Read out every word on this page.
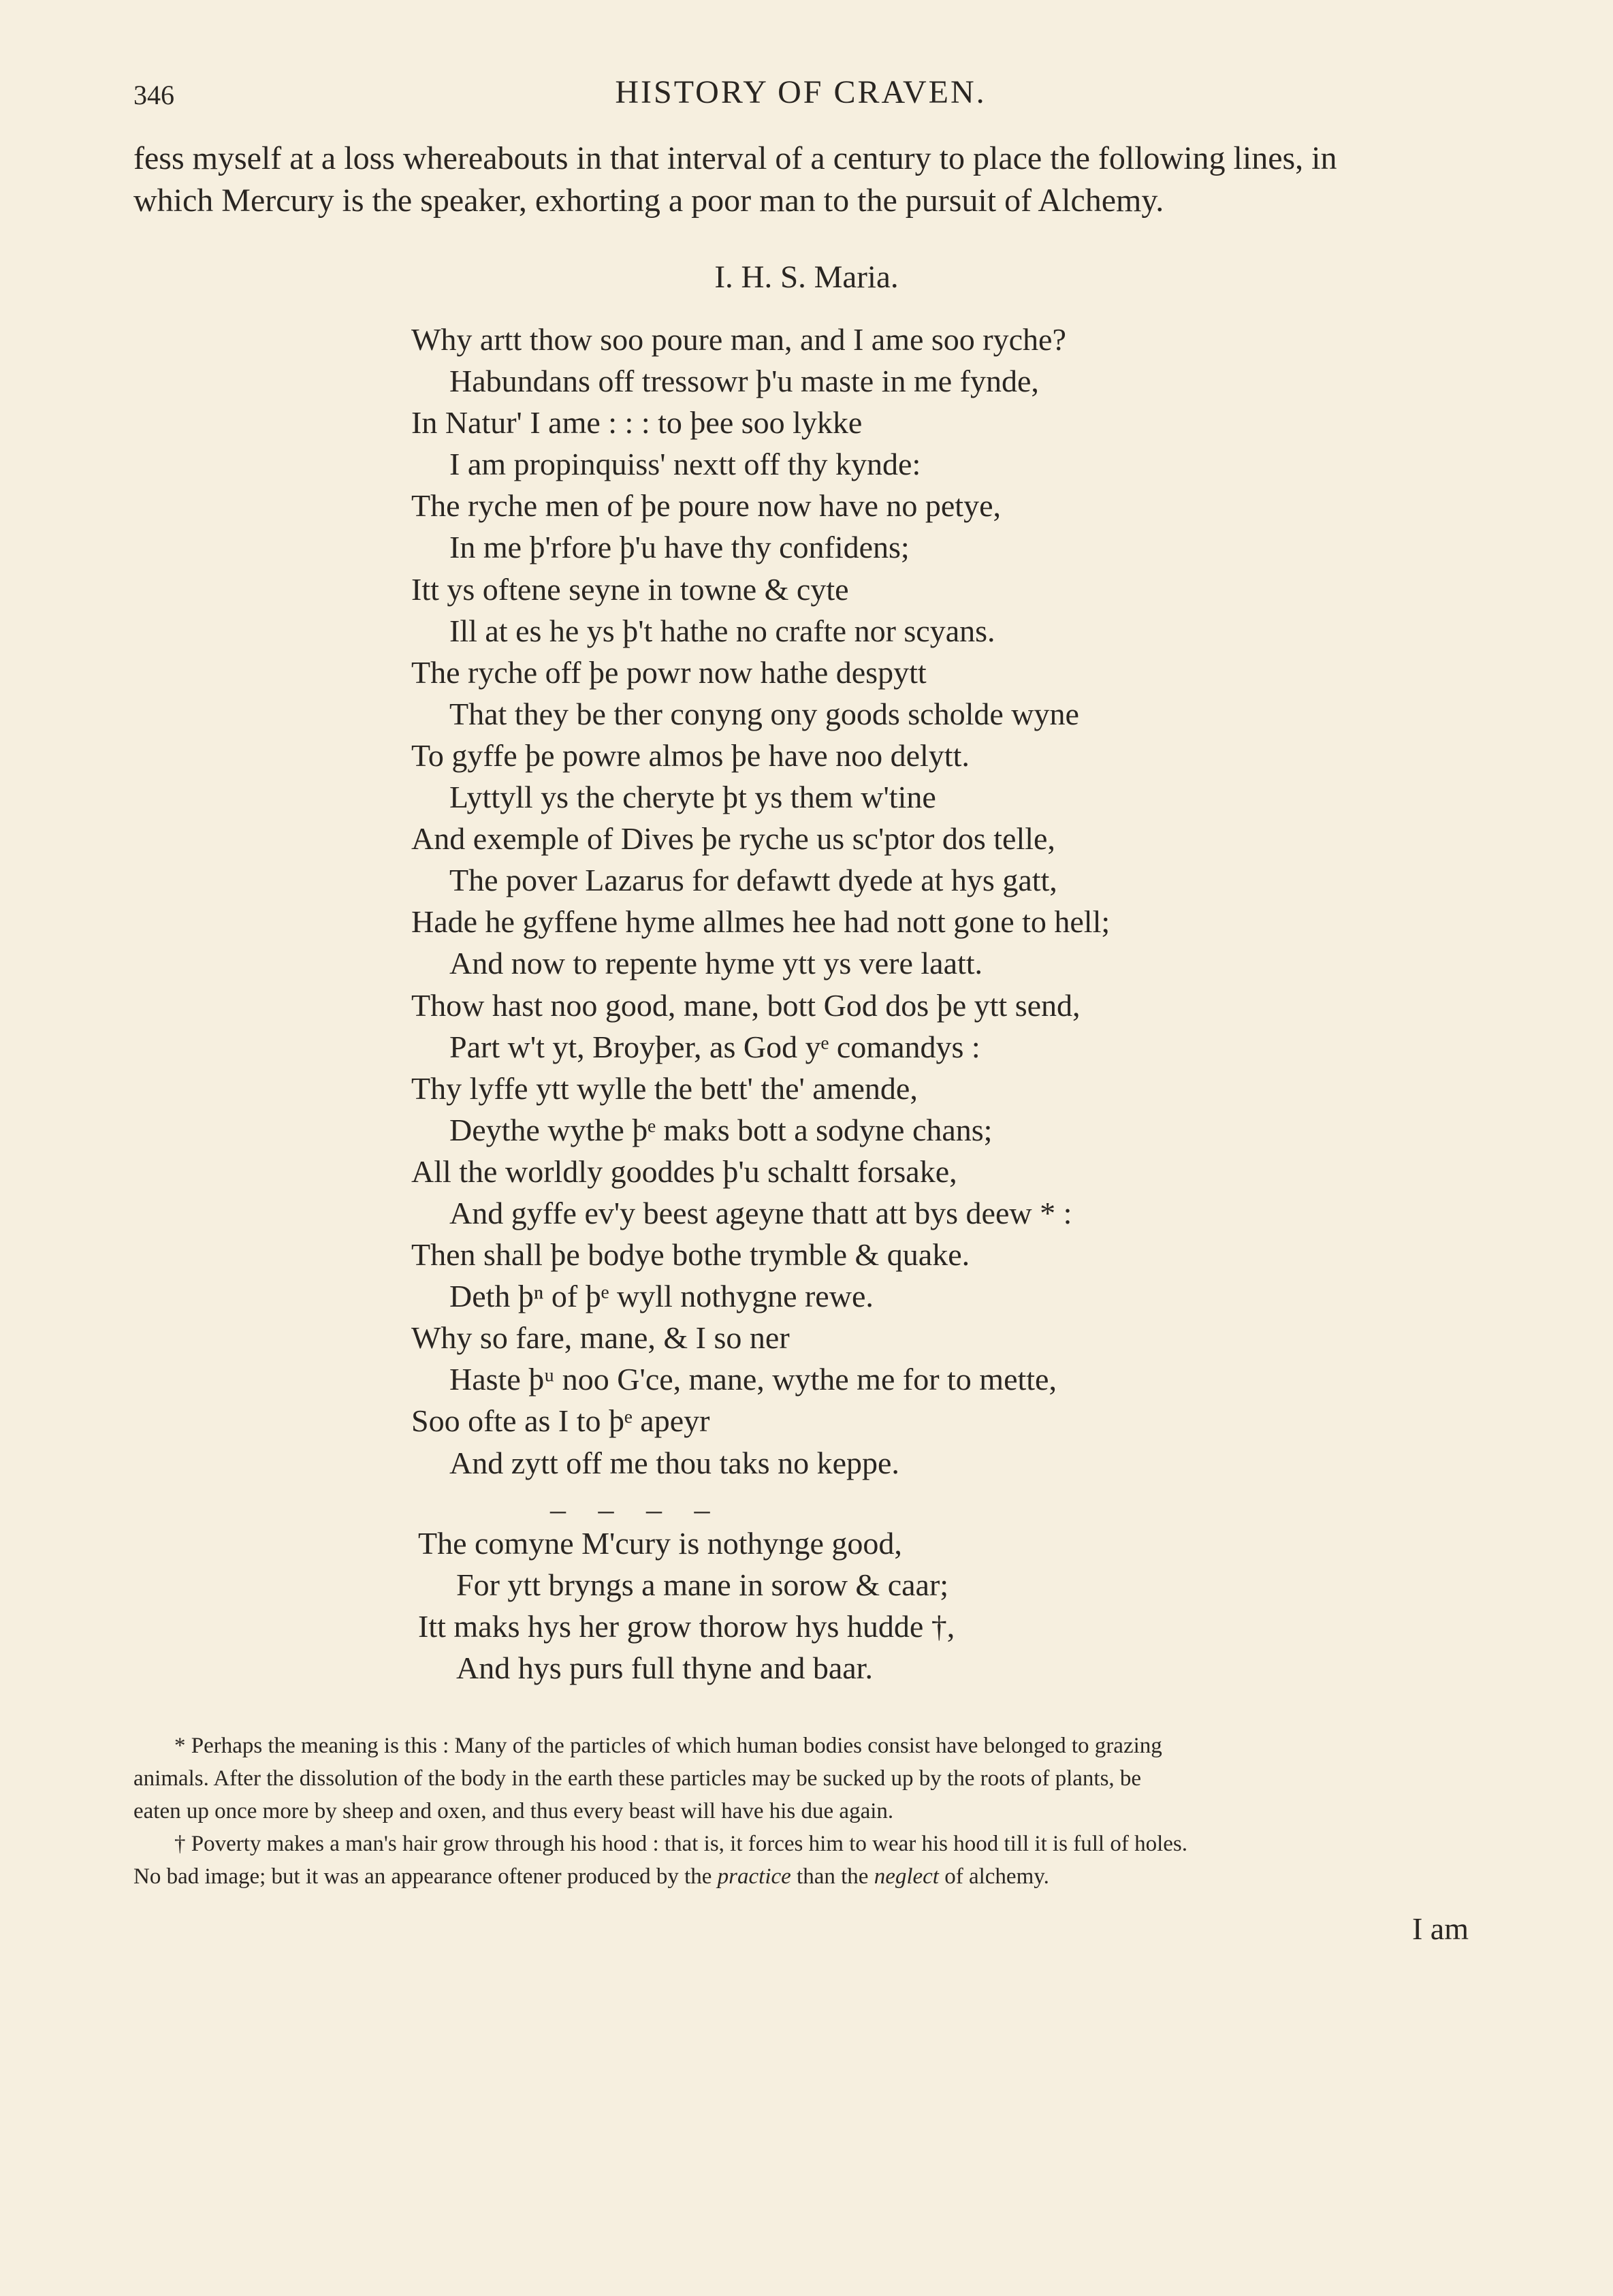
346	HISTORY OF CRAVEN.
fess myself at a loss whereabouts in that interval of a century to place the following lines, in
which Mercury is the speaker, exhorting a poor man to the pursuit of Alchemy.
I. H. S. Maria.
Why artt thow soo poure man, and I ame soo ryche?
Habundans off tressowr þ'u maste in me fynde,
In Natur' I ame : : : to þee soo lykke
I am propinquiss' nextt off thy kynde:
The ryche men of þe poure now have no petye,
In me þ'rfore þ'u have thy confidens;
Itt ys oftene seyne in towne & cyte
Ill at es he ys þ't hathe no crafte nor scyans.
The ryche off þe powr now hathe despytt
That they be ther conyng ony goods scholde wyne
To gyffe þe powre almos þe have noo delytt.
Lyttyll ys the cheryte þt ys them w'tine
And exemple of Dives þe ryche us sc'ptor dos telle,
The pover Lazarus for defawtt dyede at hys gatt,
Hade he gyffene hyme allmes hee had nott gone to hell;
And now to repente hyme ytt ys vere laatt.
Thow hast noo good, mane, bott God dos þe ytt send,
Part w't yt, Broyþer, as God yᵉ comandys :
Thy lyffe ytt wylle the bett' the' amende,
Deythe wythe þᵉ maks bott a sodyne chans;
All the worldly gooddes þ'u schaltt forsake,
And gyffe ev'y beest ageyne thatt att bys deew * :
Then shall þe bodye bothe trymble & quake.
Deth þⁿ of þᵉ wyll nothygne rewe.
Why so fare, mane, & I so ner
Haste þᵘ noo G'ce, mane, wythe me for to mette,
Soo ofte as I to þᵉ apeyr
And zytt off me thou taks no keppe.
– – – –
The comyne M'cury is nothynge good,
For ytt bryngs a mane in sorow & caar;
Itt maks hys her grow thorow hys hudde †,
And hys purs full thyne and baar.
* Perhaps the meaning is this : Many of the particles of which human bodies consist have belonged to grazing
animals. After the dissolution of the body in the earth these particles may be sucked up by the roots of plants, be
eaten up once more by sheep and oxen, and thus every beast will have his due again.
† Poverty makes a man's hair grow through his hood : that is, it forces him to wear his hood till it is full of holes.
No bad image; but it was an appearance oftener produced by the practice than the neglect of alchemy.
I am
